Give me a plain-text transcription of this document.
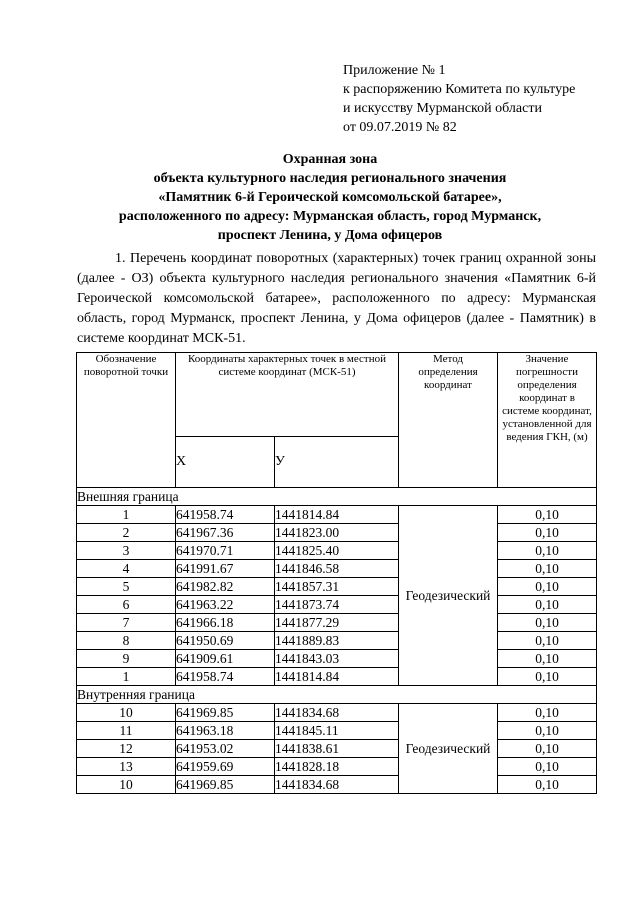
Приложение № 1
к распоряжению Комитета по культуре
и искусству Мурманской области
от 09.07.2019 № 82
Охранная зона
объекта культурного наследия регионального значения
«Памятник 6-й Героической комсомольской батарее»,
расположенного по адресу: Мурманская область, город Мурманск,
проспект Ленина, у Дома офицеров
1. Перечень координат поворотных (характерных) точек границ охранной зоны (далее - ОЗ) объекта культурного наследия регионального значения «Памятник 6-й Героической комсомольской батарее», расположенного по адресу: Мурманская область, город Мурманск, проспект Ленина, у Дома офицеров (далее - Памятник) в системе координат МСК-51.
Обозначение поворотной точки	Координаты характерных точек в местной системе координат (МСК-51)		Метод определения координат	Значение погрешности определения координат в системе координат, установленной для ведения ГКН, (м)
	Х	У		
Внешняя граница				
1	641958.74	1441814.84	Геодезический	0,10
2	641967.36	1441823.00		0,10
3	641970.71	1441825.40		0,10
4	641991.67	1441846.58		0,10
5	641982.82	1441857.31		0,10
6	641963.22	1441873.74		0,10
7	641966.18	1441877.29		0,10
8	641950.69	1441889.83		0,10
9	641909.61	1441843.03		0,10
1	641958.74	1441814.84		0,10
Внутренняя граница				
10	641969.85	1441834.68	Геодезический	0,10
11	641963.18	1441845.11		0,10
12	641953.02	1441838.61		0,10
13	641959.69	1441828.18		0,10
10	641969.85	1441834.68		0,10
